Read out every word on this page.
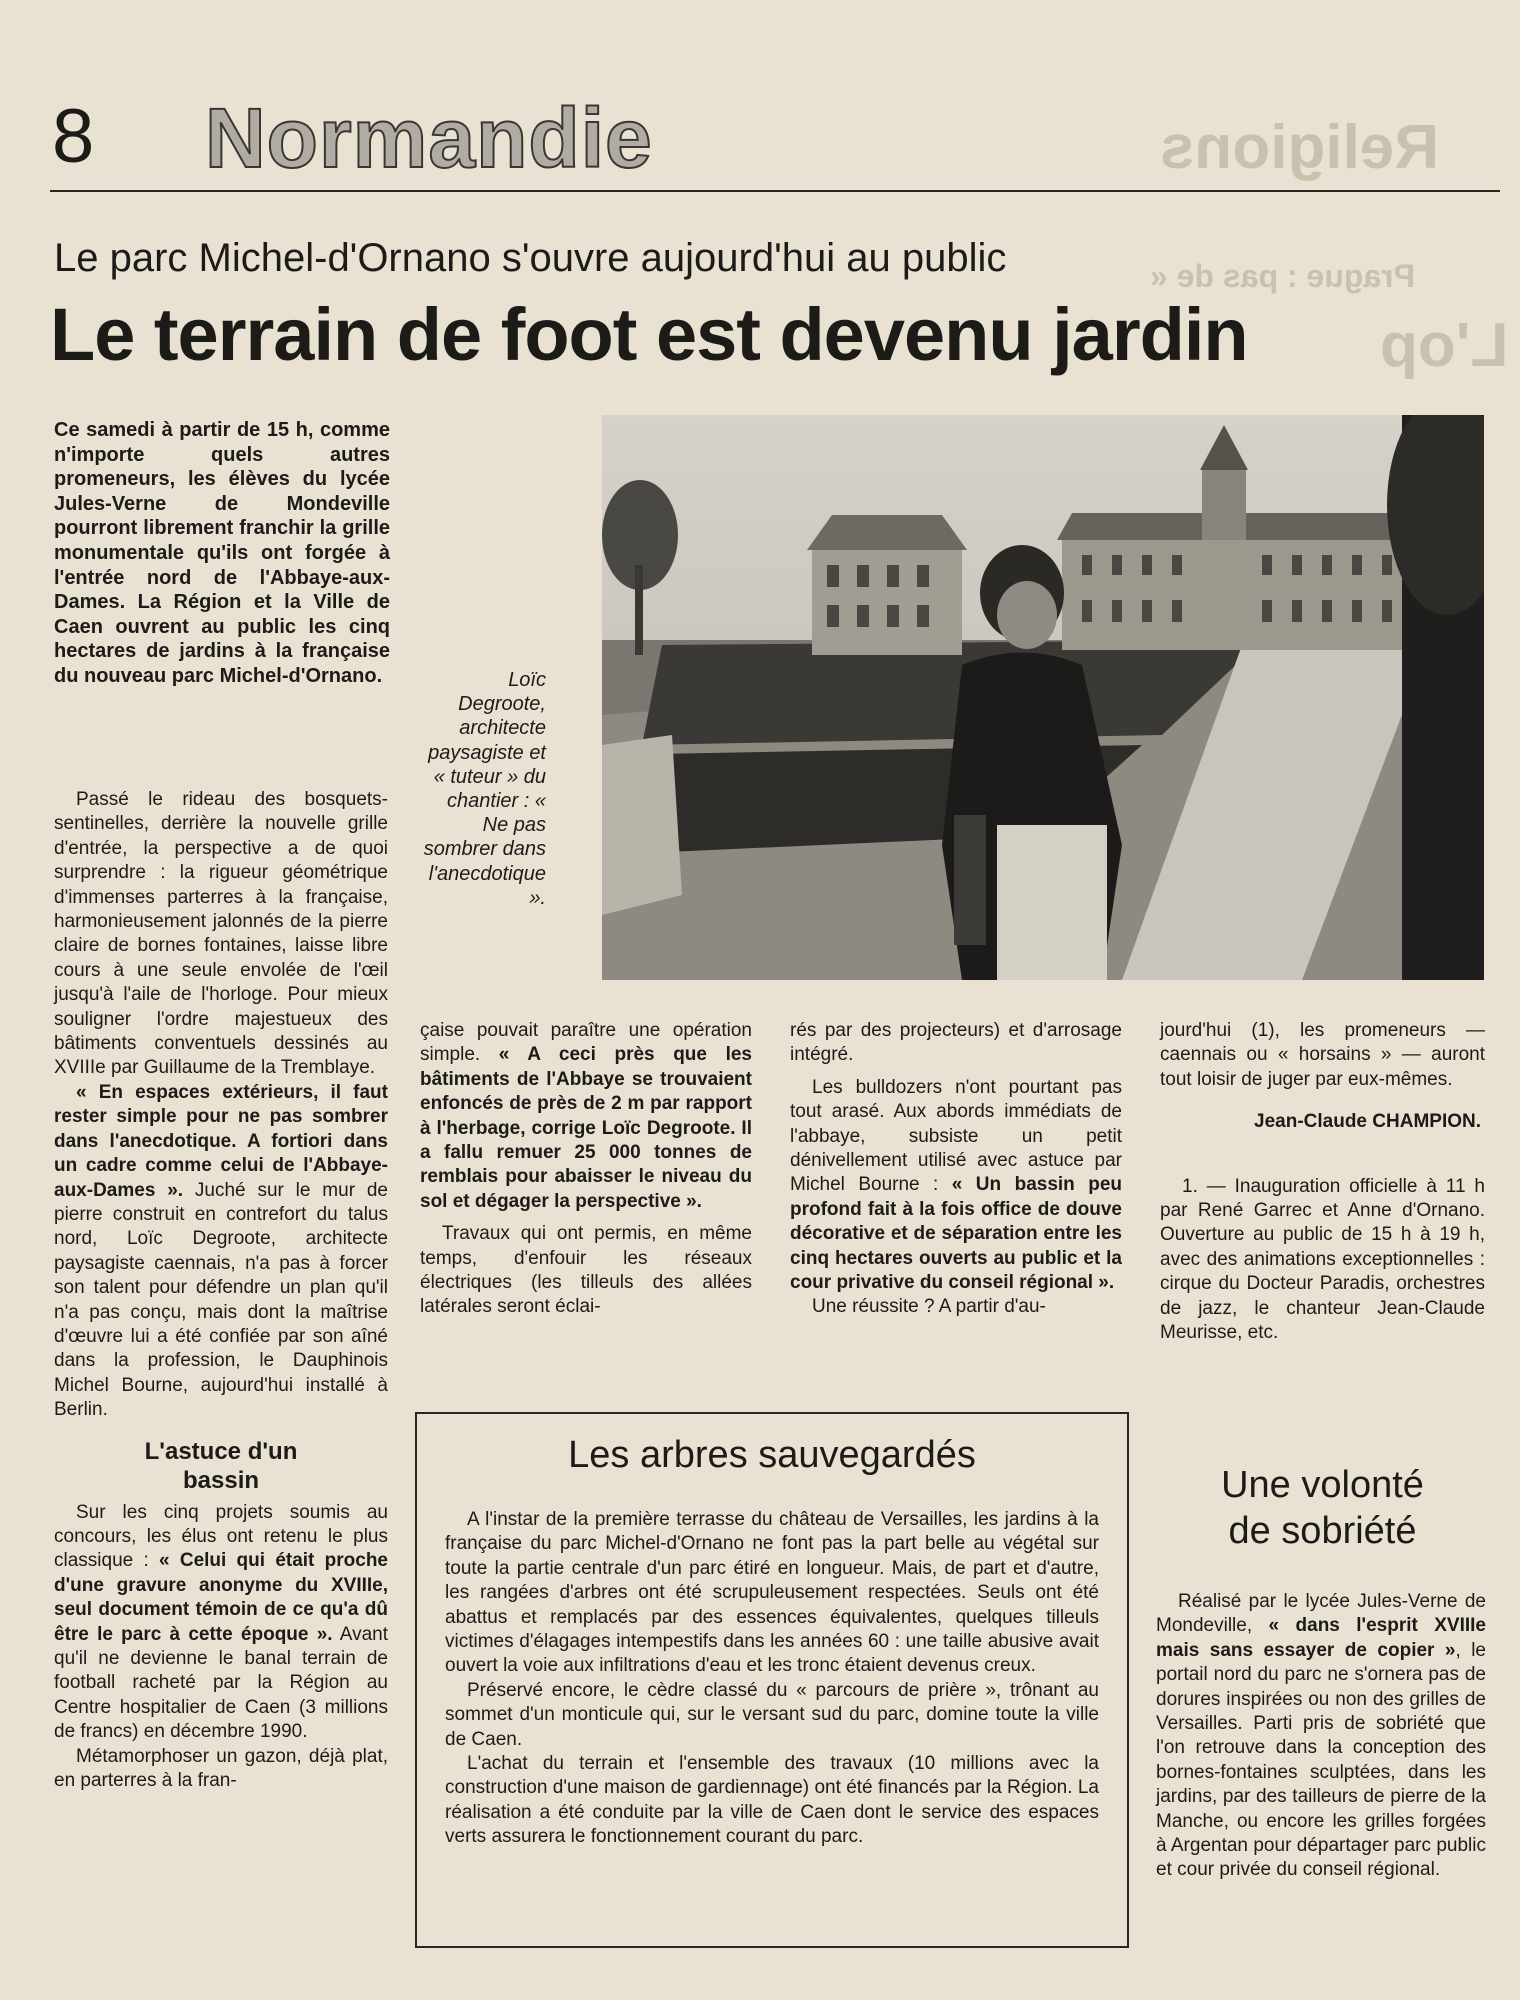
Religions
Prague : pas de «
L'op
8 Normandie
Le parc Michel-d'Ornano s'ouvre aujourd'hui au public
Le terrain de foot est devenu jardin
Ce samedi à partir de 15 h, comme n'importe quels autres promeneurs, les élèves du lycée Jules-Verne de Mondeville pourront librement franchir la grille monumentale qu'ils ont forgée à l'entrée nord de l'Abbaye-aux-Dames. La Région et la Ville de Caen ouvrent au public les cinq hectares de jardins à la française du nouveau parc Michel-d'Ornano.	Loïc Degroote, architecte paysagiste et « tuteur » du chantier : « Ne pas sombrer dans l'anecdotique ».

Passé le rideau des bosquets-sentinelles, derrière la nouvelle grille d'entrée, la perspective a de quoi surprendre : la rigueur géométrique d'immenses parterres à la française, harmonieusement jalonnés de la pierre claire de bornes fontaines, laisse libre cours à une seule envolée de l'œil jusqu'à l'aile de l'horloge. Pour mieux souligner l'ordre majestueux des bâtiments conventuels dessinés au XVIIIe par Guillaume de la Tremblaye.

« En espaces extérieurs, il faut rester simple pour ne pas sombrer dans l'anecdotique. A fortiori dans un cadre comme celui de l'Abbaye-aux-Dames ». Juché sur le mur de pierre construit en contrefort du talus nord, Loïc Degroote, architecte paysagiste caennais, n'a pas à forcer son talent pour défendre un plan qu'il n'a pas conçu, mais dont la maîtrise d'œuvre lui a été confiée par son aîné dans la profession, le Dauphinois Michel Bourne, aujourd'hui installé à Berlin.

L'astuce d'un bassin

Sur les cinq projets soumis au concours, les élus ont retenu le plus classique : « Celui qui était proche d'une gravure anonyme du XVIIIe, seul document témoin de ce qu'a dû être le parc à cette époque ». Avant qu'il ne devienne le banal terrain de football racheté par la Région au Centre hospitalier de Caen (3 millions de francs) en décembre 1990.

Métamorphoser un gazon, déjà plat, en parterres à la fran-

çaise pouvait paraître une opération simple. « A ceci près que les bâtiments de l'Abbaye se trouvaient enfoncés de près de 2 m par rapport à l'herbage, corrige Loïc Degroote. Il a fallu remuer 25 000 tonnes de remblais pour abaisser le niveau du sol et dégager la perspective ».

Travaux qui ont permis, en même temps, d'enfouir les réseaux électriques (les tilleuls des allées latérales seront éclai-

rés par des projecteurs) et d'arrosage intégré.

Les bulldozers n'ont pourtant pas tout arasé. Aux abords immédiats de l'abbaye, subsiste un petit dénivellement utilisé avec astuce par Michel Bourne : « Un bassin peu profond fait à la fois office de douve décorative et de séparation entre les cinq hectares ouverts au public et la cour privative du conseil régional ».

Une réussite ? A partir d'au-

jourd'hui (1), les promeneurs — caennais ou « horsains » — auront tout loisir de juger par eux-mêmes.

Jean-Claude CHAMPION.

1. — Inauguration officielle à 11 h par René Garrec et Anne d'Ornano. Ouverture au public de 15 h à 19 h, avec des animations exceptionnelles : cirque du Docteur Paradis, orchestres de jazz, le chanteur Jean-Claude Meurisse, etc.

Les arbres sauvegardés

A l'instar de la première terrasse du château de Versailles, les jardins à la française du parc Michel-d'Ornano ne font pas la part belle au végétal sur toute la partie centrale d'un parc étiré en longueur. Mais, de part et d'autre, les rangées d'arbres ont été scrupuleusement respectées. Seuls ont été abattus et remplacés par des essences équivalentes, quelques tilleuls victimes d'élagages intempestifs dans les années 60 : une taille abusive avait ouvert la voie aux infiltrations d'eau et les tronc étaient devenus creux.

Préservé encore, le cèdre classé du « parcours de prière », trônant au sommet d'un monticule qui, sur le versant sud du parc, domine toute la ville de Caen.

L'achat du terrain et l'ensemble des travaux (10 millions avec la construction d'une maison de gardiennage) ont été financés par la Région. La réalisation a été conduite par la ville de Caen dont le service des espaces verts assurera le fonctionnement courant du parc.

Une volonté
de sobriété

Réalisé par le lycée Jules-Verne de Mondeville, « dans l'esprit XVIIIe mais sans essayer de copier », le portail nord du parc ne s'ornera pas de dorures inspirées ou non des grilles de Versailles. Parti pris de sobriété que l'on retrouve dans la conception des bornes-fontaines sculptées, dans les jardins, par des tailleurs de pierre de la Manche, ou encore les grilles forgées à Argentan pour départager parc public et cour privée du conseil régional.
